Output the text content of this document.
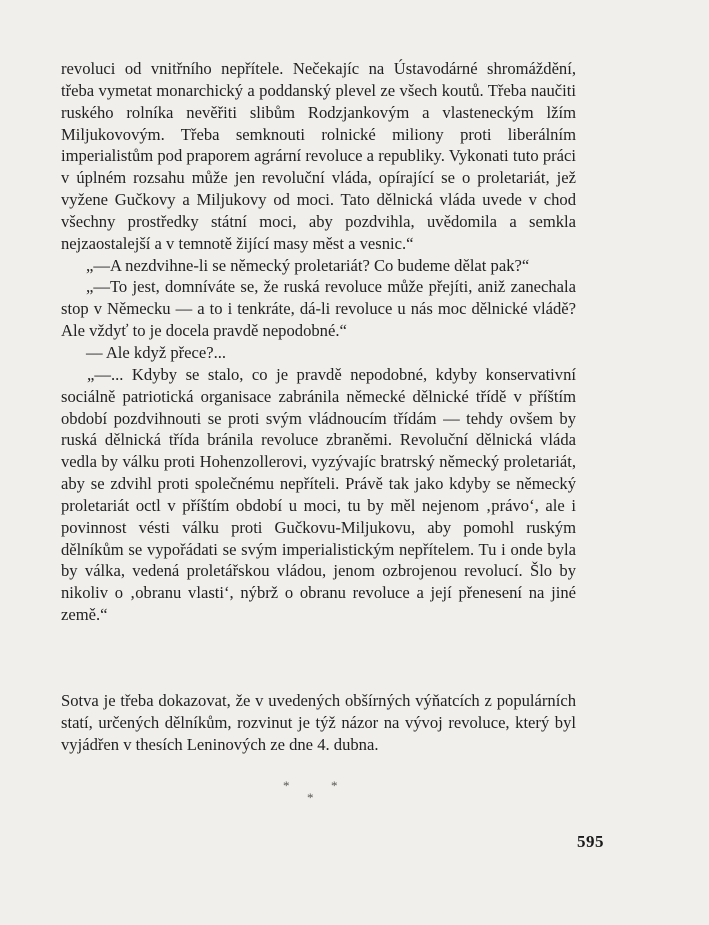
revoluci od vnitřního nepřítele. Nečekajíc na Ústavodárné shromáždění, třeba vymetat monarchický a poddanský plevel ze všech koutů. Třeba naučiti ruského rolníka nevěřiti slibům Rodzjankovým a vlasteneckým lžím Miljukovovým. Třeba semknouti rolnické miliony proti liberálním imperialistům pod praporem agrární revoluce a republiky. Vykonati tuto práci v úplném rozsahu může jen revoluční vláda, opírající se o proletariát, jež vyžene Gučkovy a Miljukovy od moci. Tato dělnická vláda uvede v chod všechny prostředky státní moci, aby pozdvihla, uvědomila a semkla nejzaostalejší a v temnotě žijící masy měst a vesnic.“

„—A nezdvihne-li se německý proletariát? Co budeme dělat pak?“

„—To jest, domníváte se, že ruská revoluce může přejíti, aniž zanechala stop v Německu — a to i tenkráte, dá-li revoluce u nás moc dělnické vládě? Ale vždyť to je docela pravdě nepodobné.“

— Ale když přece?...

„—... Kdyby se stalo, co je pravdě nepodobné, kdyby konservativní sociálně patriotická organisace zabránila německé dělnické třídě v příštím období pozdvihnouti se proti svým vládnoucím třídám — tehdy ovšem by ruská dělnická třída bránila revoluce zbraněmi. Revoluční dělnická vláda vedla by válku proti Hohenzollerovi, vyzývajíc bratrský německý proletariát, aby se zdvihl proti společnému nepříteli. Právě tak jako kdyby se německý proletariát octl v příštím období u moci, tu by měl nejenom ‚právo‘, ale i povinnost vésti válku proti Gučkovu-Miljukovu, aby pomohl ruským dělníkům se vypořádati se svým imperialistickým nepřítelem. Tu i onde byla by válka, vedená proletářskou vládou, jenom ozbrojenou revolucí. Šlo by nikoliv o ‚obranu vlasti‘, nýbrž o obranu revoluce a její přenesení na jiné země.“

Sotva je třeba dokazovat, že v uvedených obšírných výňatcích z populárních statí, určených dělníkům, rozvinut je týž názor na vývoj revoluce, který byl vyjádřen v thesích Leninových ze dne 4. dubna.

*	*
*
595
